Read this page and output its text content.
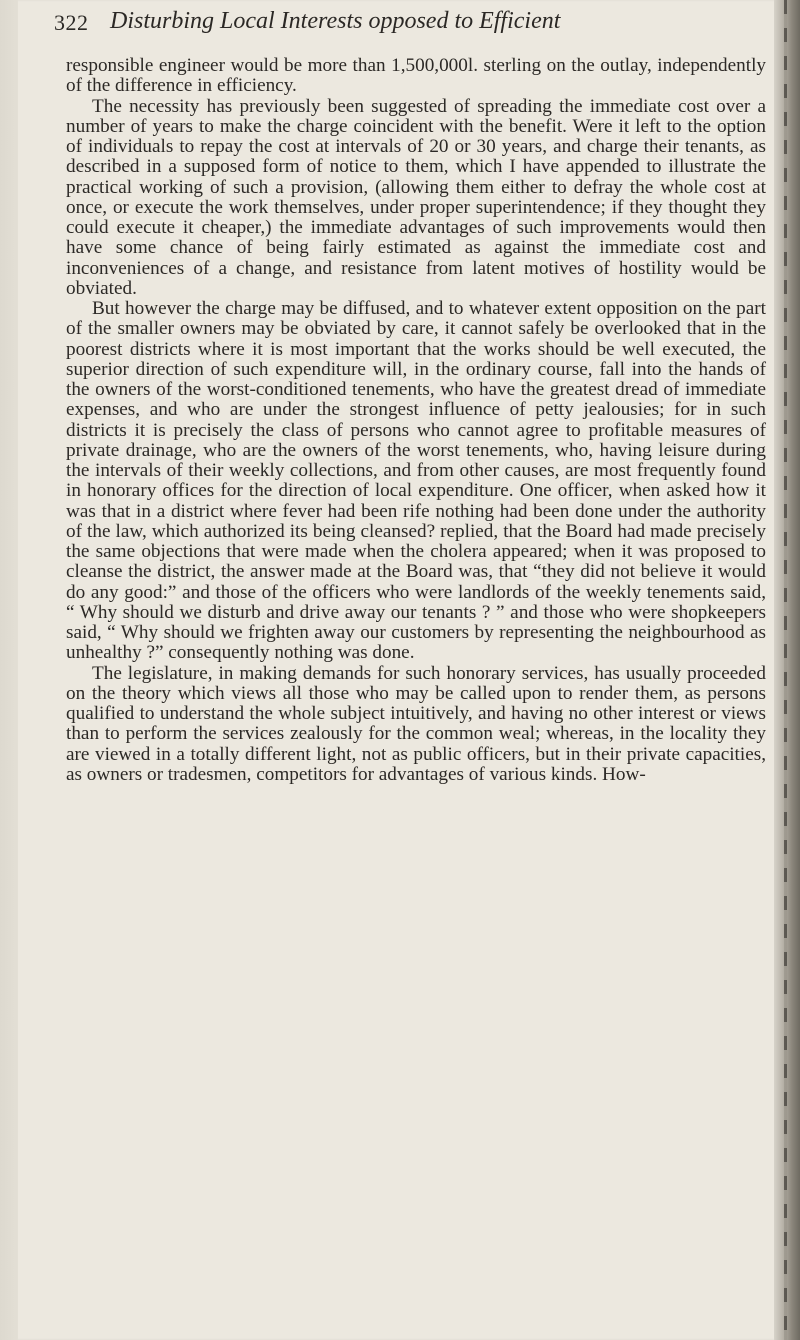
322 Disturbing Local Interests opposed to Efficient

responsible engineer would be more than 1,500,000l. sterling on the outlay, independently of the difference in efficiency.

The necessity has previously been suggested of spreading the immediate cost over a number of years to make the charge coincident with the benefit. Were it left to the option of individuals to repay the cost at intervals of 20 or 30 years, and charge their tenants, as described in a supposed form of notice to them, which I have appended to illustrate the practical working of such a provision, (allowing them either to defray the whole cost at once, or execute the work themselves, under proper superintendence; if they thought they could execute it cheaper,) the immediate advantages of such improvements would then have some chance of being fairly estimated as against the immediate cost and inconveniences of a change, and resistance from latent motives of hostility would be obviated.

But however the charge may be diffused, and to whatever extent opposition on the part of the smaller owners may be obviated by care, it cannot safely be overlooked that in the poorest districts where it is most important that the works should be well executed, the superior direction of such expenditure will, in the ordinary course, fall into the hands of the owners of the worst-conditioned tenements, who have the greatest dread of immediate expenses, and who are under the strongest influence of petty jealousies; for in such districts it is precisely the class of persons who cannot agree to profitable measures of private drainage, who are the owners of the worst tenements, who, having leisure during the intervals of their weekly collections, and from other causes, are most frequently found in honorary offices for the direction of local expenditure. One officer, when asked how it was that in a district where fever had been rife nothing had been done under the authority of the law, which authorized its being cleansed? replied, that the Board had made precisely the same objections that were made when the cholera appeared; when it was proposed to cleanse the district, the answer made at the Board was, that “they did not believe it would do any good:” and those of the officers who were landlords of the weekly tenements said, “ Why should we disturb and drive away our tenants ? ” and those who were shopkeepers said, “ Why should we frighten away our customers by representing the neighbourhood as unhealthy ?” consequently nothing was done.

The legislature, in making demands for such honorary services, has usually proceeded on the theory which views all those who may be called upon to render them, as persons qualified to understand the whole subject intuitively, and having no other interest or views than to perform the services zealously for the common weal; whereas, in the locality they are viewed in a totally different light, not as public officers, but in their private capacities, as owners or tradesmen, competitors for advantages of various kinds. How-
